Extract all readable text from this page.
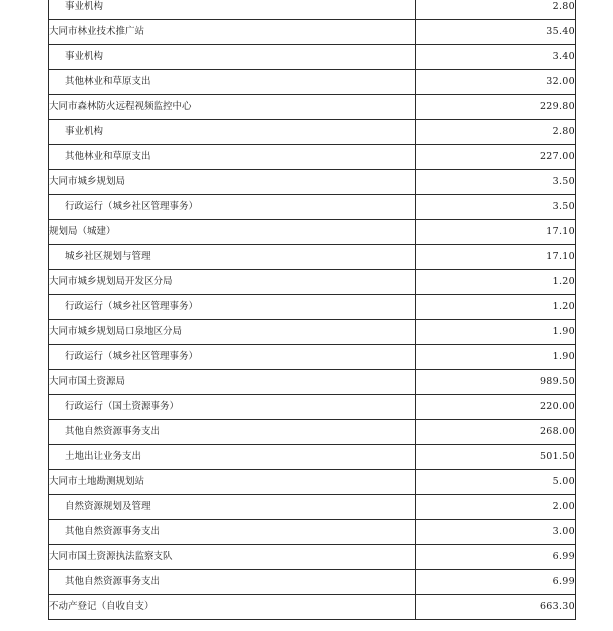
事业机构	2.80
大同市林业技术推广站	35.40
事业机构	3.40
其他林业和草原支出	32.00
大同市森林防火远程视频监控中心	229.80
事业机构	2.80
其他林业和草原支出	227.00
大同市城乡规划局	3.50
行政运行（城乡社区管理事务）	3.50
规划局（城建）	17.10
城乡社区规划与管理	17.10
大同市城乡规划局开发区分局	1.20
行政运行（城乡社区管理事务）	1.20
大同市城乡规划局口泉地区分局	1.90
行政运行（城乡社区管理事务）	1.90
大同市国土资源局	989.50
行政运行（国土资源事务）	220.00
其他自然资源事务支出	268.00
土地出让业务支出	501.50
大同市土地勘测规划站	5.00
自然资源规划及管理	2.00
其他自然资源事务支出	3.00
大同市国土资源执法监察支队	6.99
其他自然资源事务支出	6.99
不动产登记（自收自支）	663.30
